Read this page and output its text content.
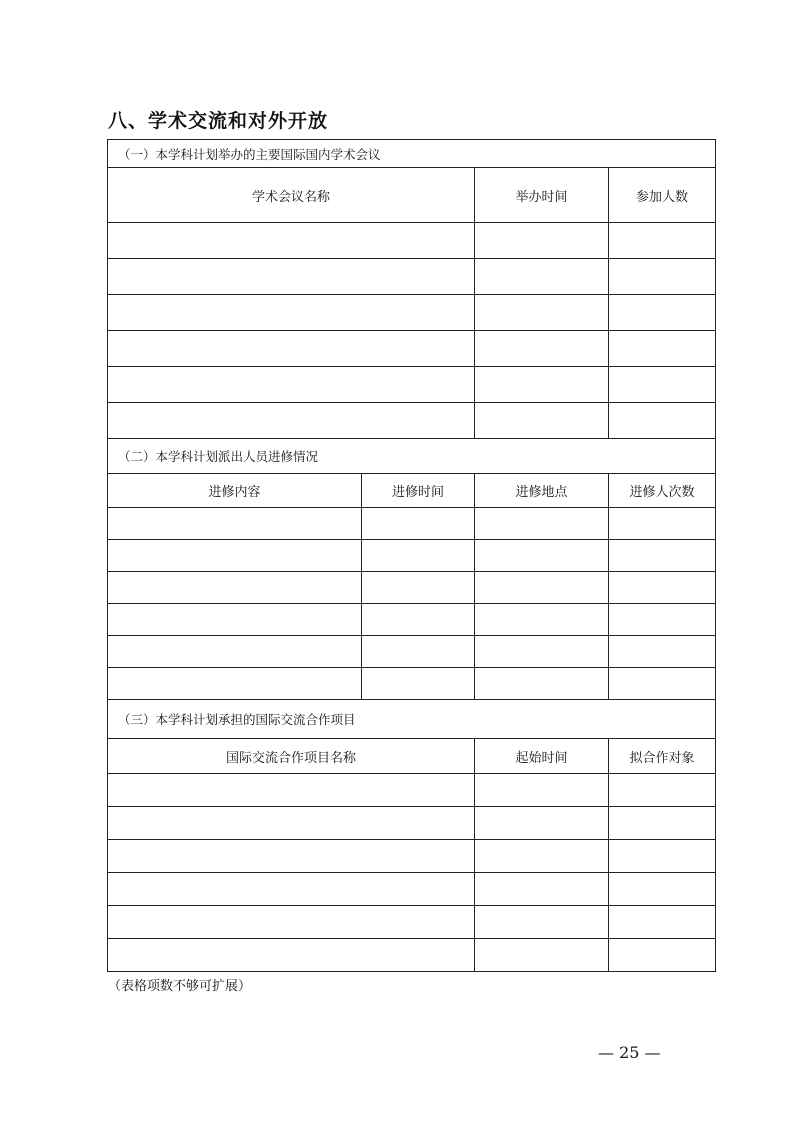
八、学术交流和对外开放
（一）本学科计划举办的主要国际国内学术会议			
学术会议名称		举办时间	参加人数

（二）本学科计划派出人员进修情况			
进修内容	进修时间	进修地点	进修人次数

（三）本学科计划承担的国际交流合作项目			
国际交流合作项目名称		起始时间	拟合作对象

（表格项数不够可扩展）
— 25 —
